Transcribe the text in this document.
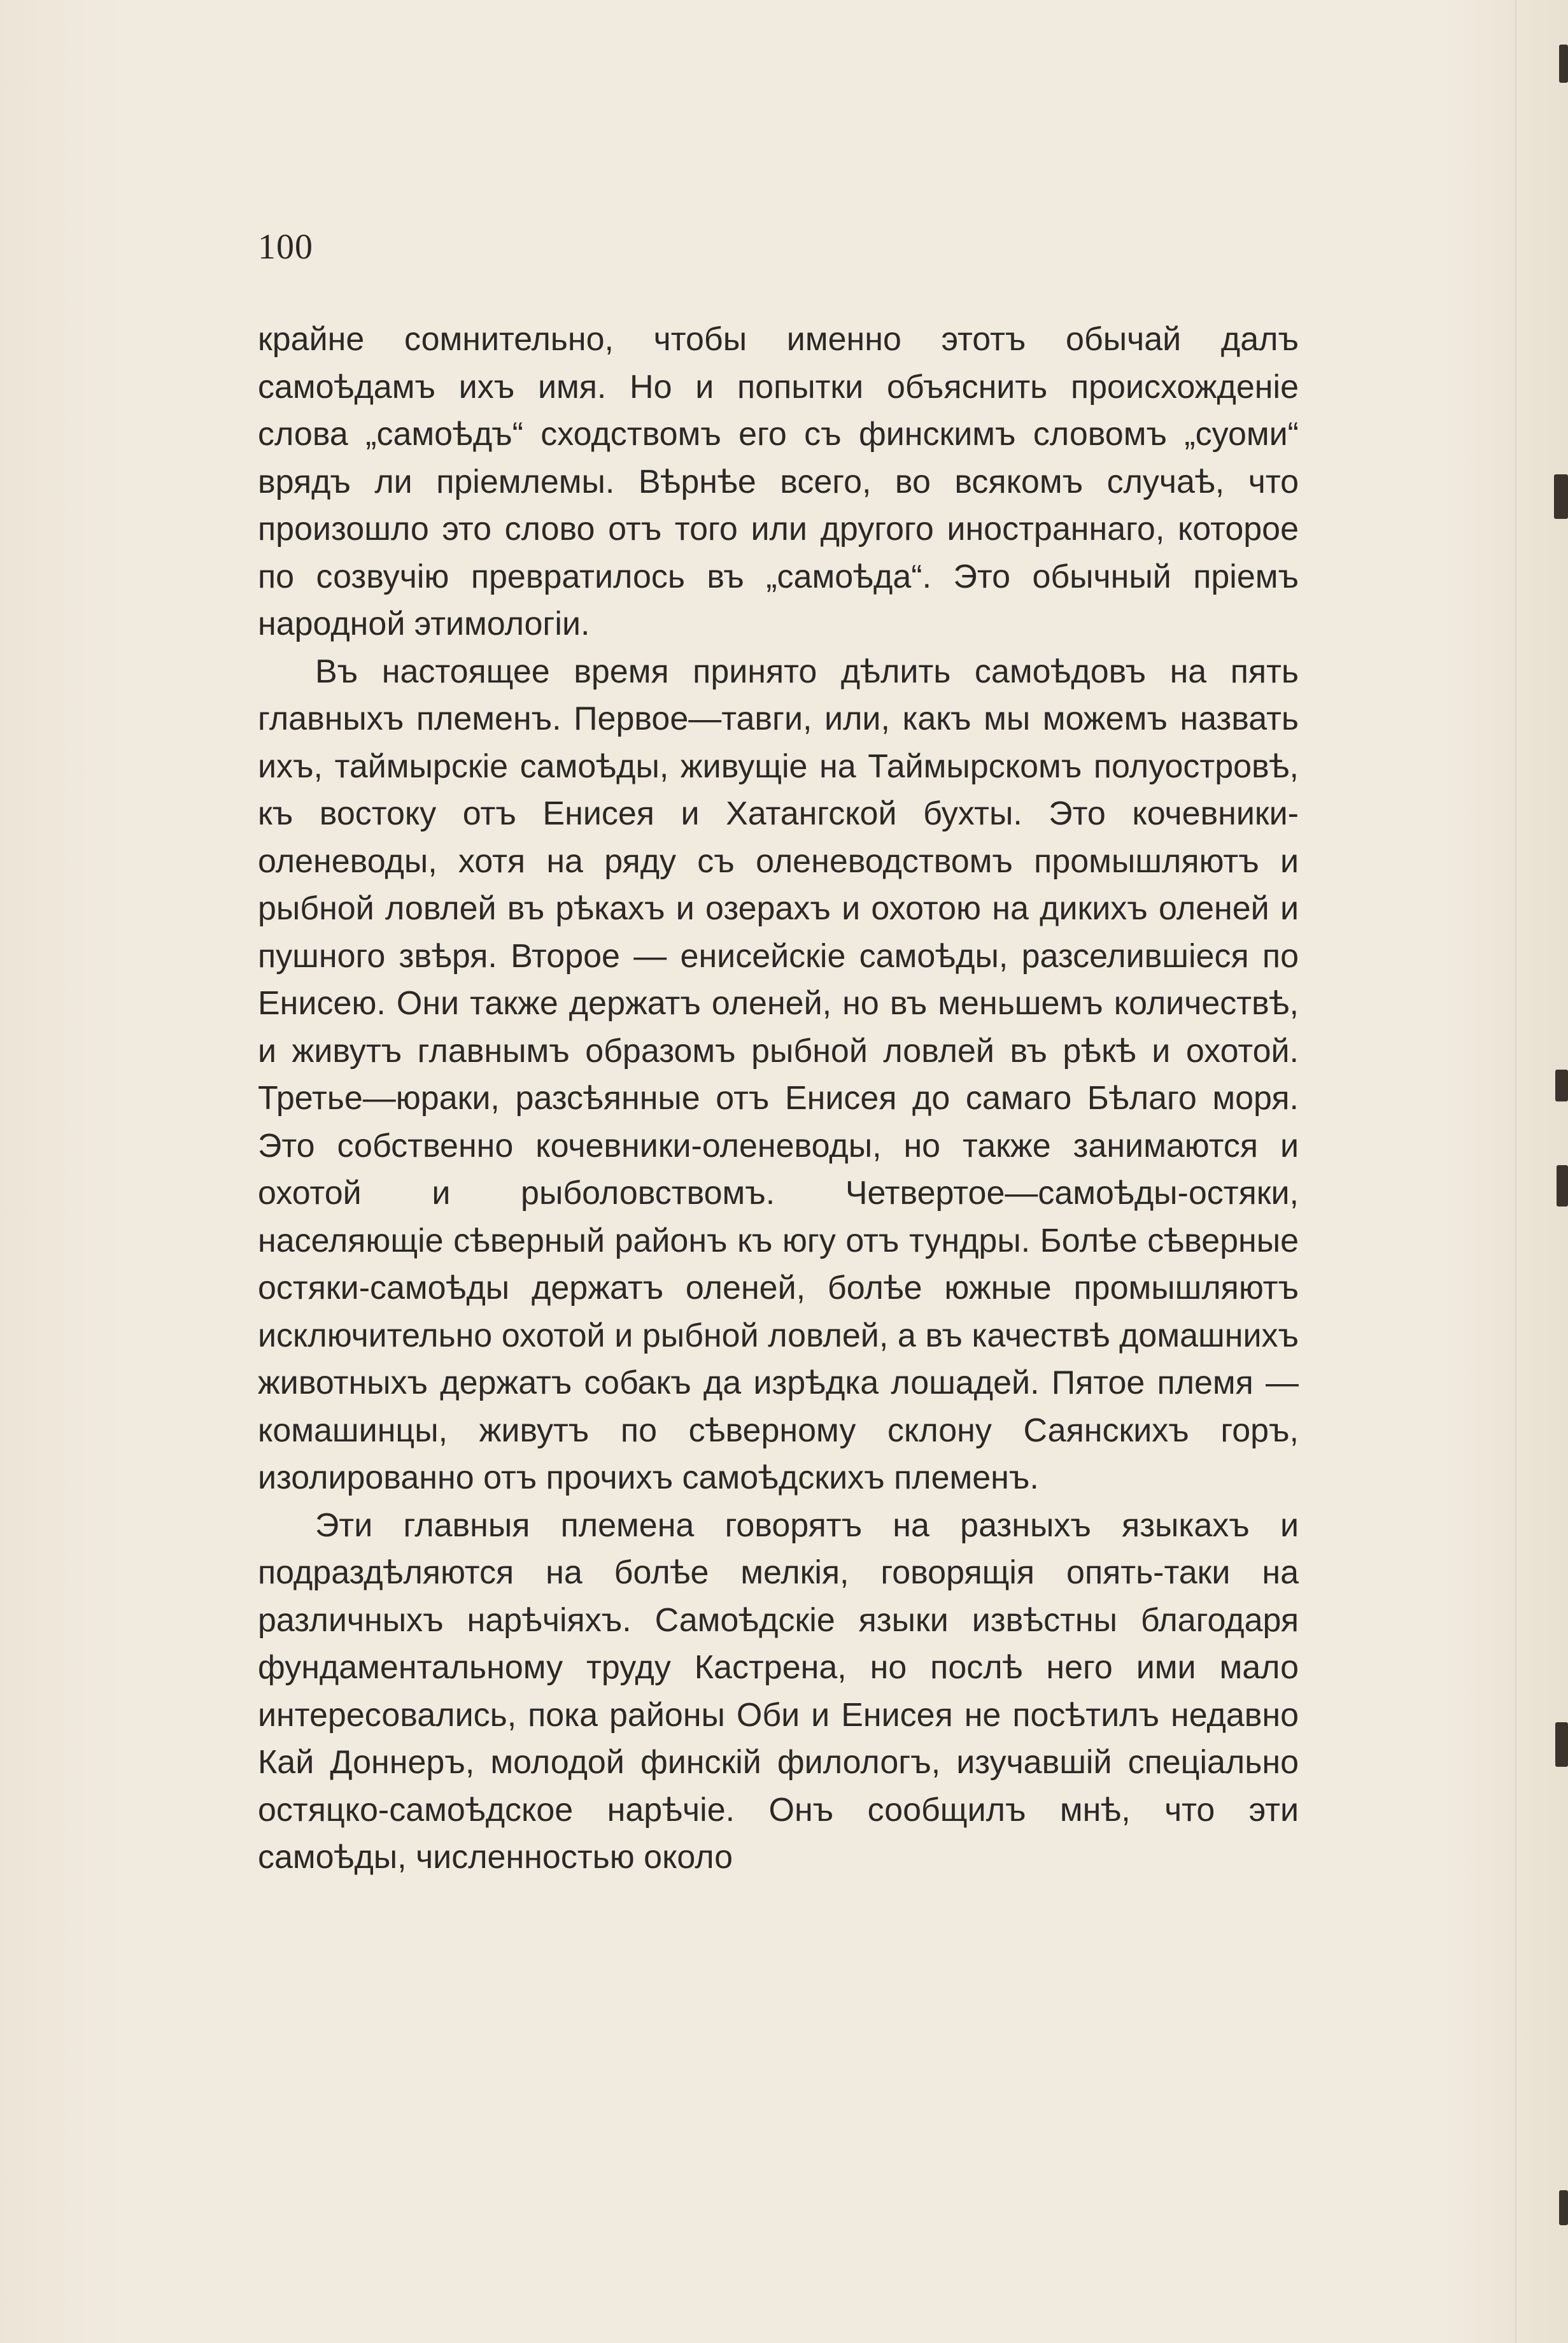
100

крайне сомнительно, чтобы именно этотъ обычай далъ самоѣдамъ ихъ имя. Но и попытки объяснить происхожденіе слова „самоѣдъ“ сходствомъ его съ финскимъ словомъ „суоми“ врядъ ли пріемлемы. Вѣрнѣе всего, во всякомъ случаѣ, что произошло это слово отъ того или другого иностраннаго, которое по созвучію превратилось въ „самоѣда“. Это обычный пріемъ народной этимологіи.

Въ настоящее время принято дѣлить самоѣдовъ на пять главныхъ племенъ. Первое—тавги, или, какъ мы можемъ назвать ихъ, таймырскіе самоѣды, живущіе на Таймырскомъ полуостровѣ, къ востоку отъ Енисея и Хатангской бухты. Это кочевники-оленеводы, хотя на ряду съ оленеводствомъ промышляютъ и рыбной ловлей въ рѣкахъ и озерахъ и охотою на дикихъ оленей и пушного звѣря. Второе — енисейскіе самоѣды, разселившіеся по Енисею. Они также держатъ оленей, но въ меньшемъ количествѣ, и живутъ главнымъ образомъ рыбной ловлей въ рѣкѣ и охотой. Третье—юраки, разсѣянные отъ Енисея до самаго Бѣлаго моря. Это собственно кочевники-оленеводы, но также занимаются и охотой и рыболовствомъ. Четвертое—самоѣды-остяки, населяющіе сѣверный районъ къ югу отъ тундры. Болѣе сѣверные остяки-самоѣды держатъ оленей, болѣе южные промышляютъ исключительно охотой и рыбной ловлей, а въ качествѣ домашнихъ животныхъ держатъ собакъ да изрѣдка лошадей. Пятое племя — комашинцы, живутъ по сѣверному склону Саянскихъ горъ, изолированно отъ прочихъ самоѣдскихъ племенъ.

Эти главныя племена говорятъ на разныхъ языкахъ и подраздѣляются на болѣе мелкія, говорящія опять-таки на различныхъ нарѣчіяхъ. Самоѣдскіе языки извѣстны благодаря фундаментальному труду Кастрена, но послѣ него ими мало интересовались, пока районы Оби и Енисея не посѣтилъ недавно Кай Доннеръ, молодой финскій филологъ, изучавшій спеціально остяцко-самоѣдское нарѣчіе. Онъ сообщилъ мнѣ, что эти самоѣды, численностью около
